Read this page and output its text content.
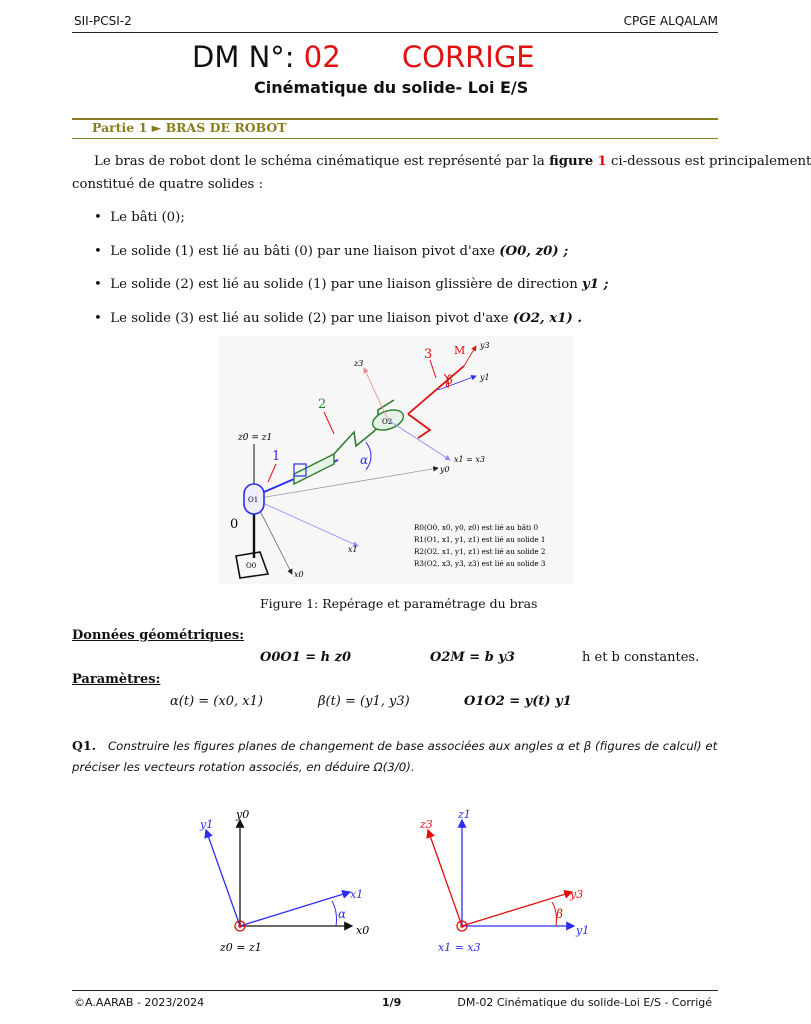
SII-PCSI-2	CPGE ALQALAM
DM N°: 02 CORRIGE
Cinématique du solide- Loi E/S
Partie 1 ► BRAS DE ROBOT
Le bras de robot dont le schéma cinématique est représenté par la figure 1 ci-dessous est principalement
constitué de quatre solides :
•  Le bâti (0);
•  Le solide (1) est lié au bâti (0) par une liaison pivot d'axe (O0, z0) ;
•  Le solide (2) est lié au solide (1) par une liaison glissière de direction y1 ;
•  Le solide (3) est lié au solide (2) par une liaison pivot d'axe (O2, x1) .
O0
0
z0 = z1
x0
x1
y0
O1
1	α
2
O2
x1 = x3
z3
3 M y3
y1
β
R0(O0, x0, y0, z0) est lié au bâti 0
R1(O1, x1, y1, z1) est lié au solide 1
R2(O2, x1, y1, z1) est lié au solide 2
R3(O2, x3, y3, z3) est lié au solide 3
Figure 1: Repérage et paramétrage du bras
Données géométriques:
O0O1 = h z0	O2M = b y3	h et b constantes.
Paramètres:
α(t) = (x0, x1)	β(t) = (y1, y3)	O1O2 = y(t) y1
Q1. Construire les figures planes de changement de base associées aux angles α et β (figures de calcul) et
préciser les vecteurs rotation associés, en déduire Ω(3/0).
y0
y1
x1
x0
α
z0 = z1
z1
z3
y3
y1
β
x1 = x3
©A.AARAB - 2023/2024	1/9	DM-02 Cinématique du solide-Loi E/S - Corrigé
